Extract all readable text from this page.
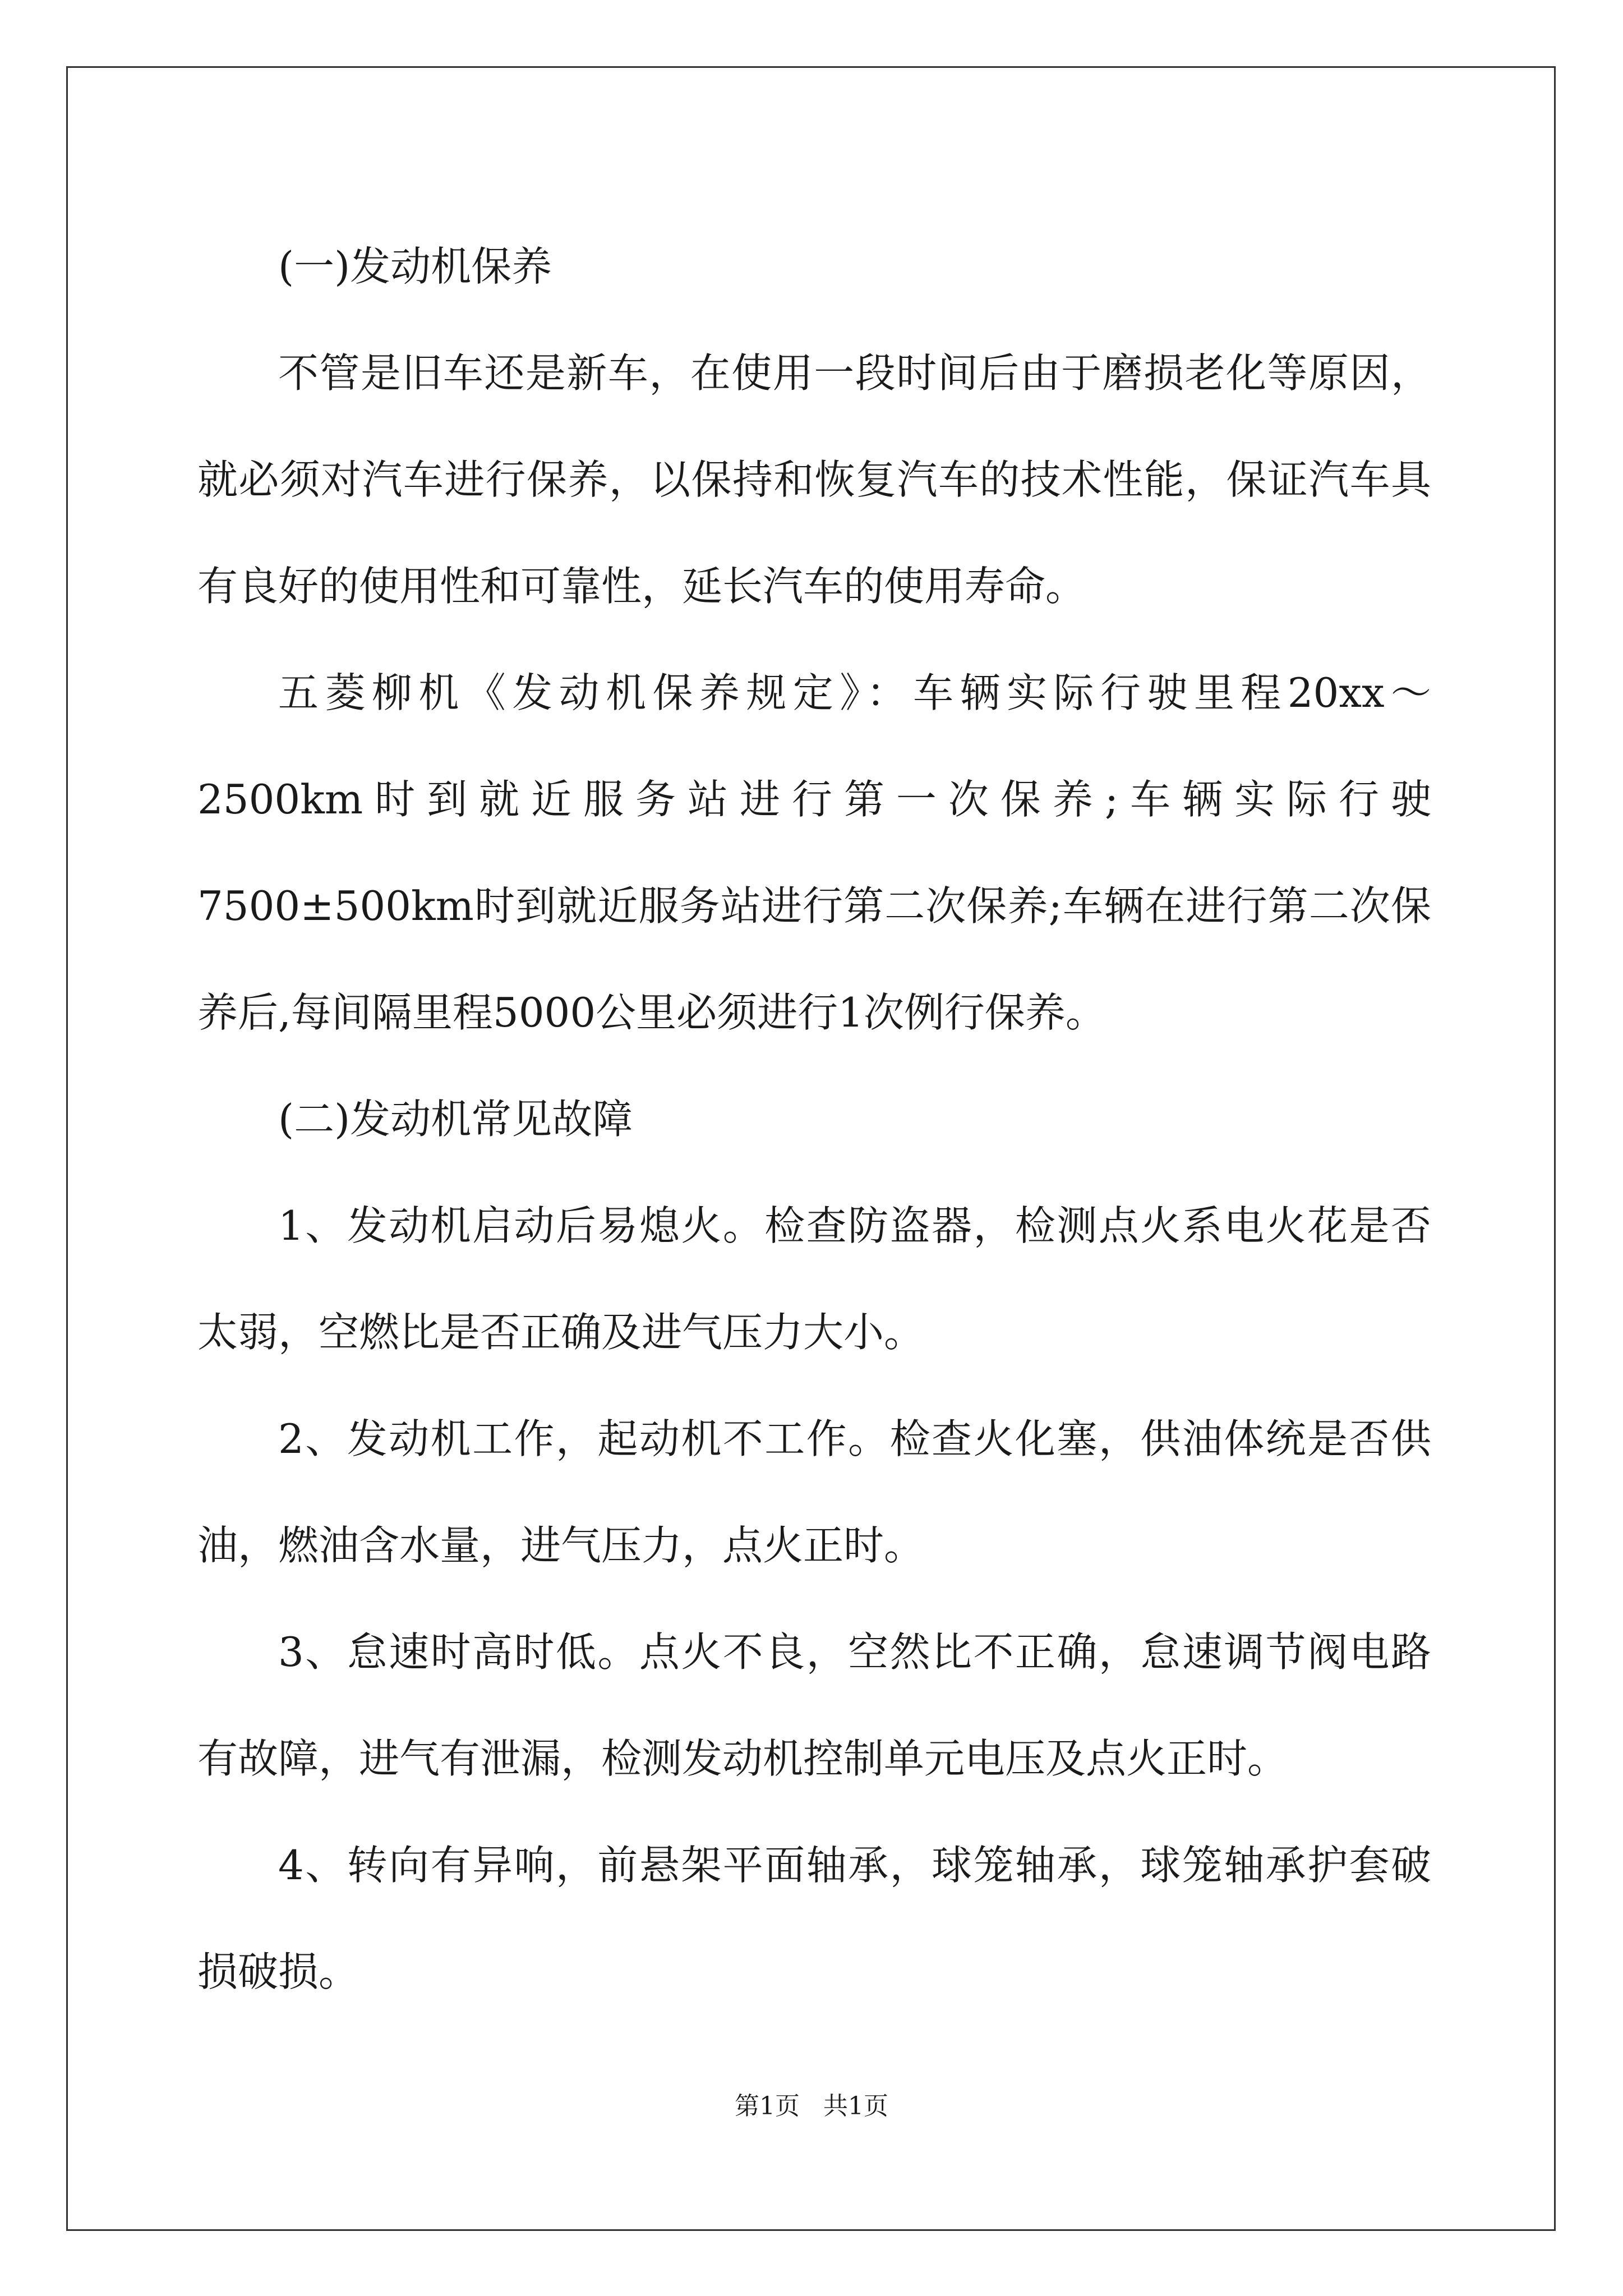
(一)发动机保养

不管是旧车还是新车，在使用一段时间后由于磨损老化等原因，就必须对汽车进行保养，以保持和恢复汽车的技术性能，保证汽车具有良好的使用性和可靠性，延长汽车的使用寿命。

五菱柳机《发动机保养规定》：车辆实际行驶里程20xx～2500km时到就近服务站进行第一次保养;车辆实际行驶7500±500km时到就近服务站进行第二次保养;车辆在进行第二次保养后,每间隔里程5000公里必须进行1次例行保养。

(二)发动机常见故障

1、发动机启动后易熄火。检查防盗器，检测点火系电火花是否太弱，空燃比是否正确及进气压力大小。

2、发动机工作，起动机不工作。检查火化塞，供油体统是否供油，燃油含水量，进气压力，点火正时。

3、怠速时高时低。点火不良，空然比不正确，怠速调节阀电路有故障，进气有泄漏，检测发动机控制单元电压及点火正时。

4、转向有异响，前悬架平面轴承，球笼轴承，球笼轴承护套破损破损。

第1页 共1页
